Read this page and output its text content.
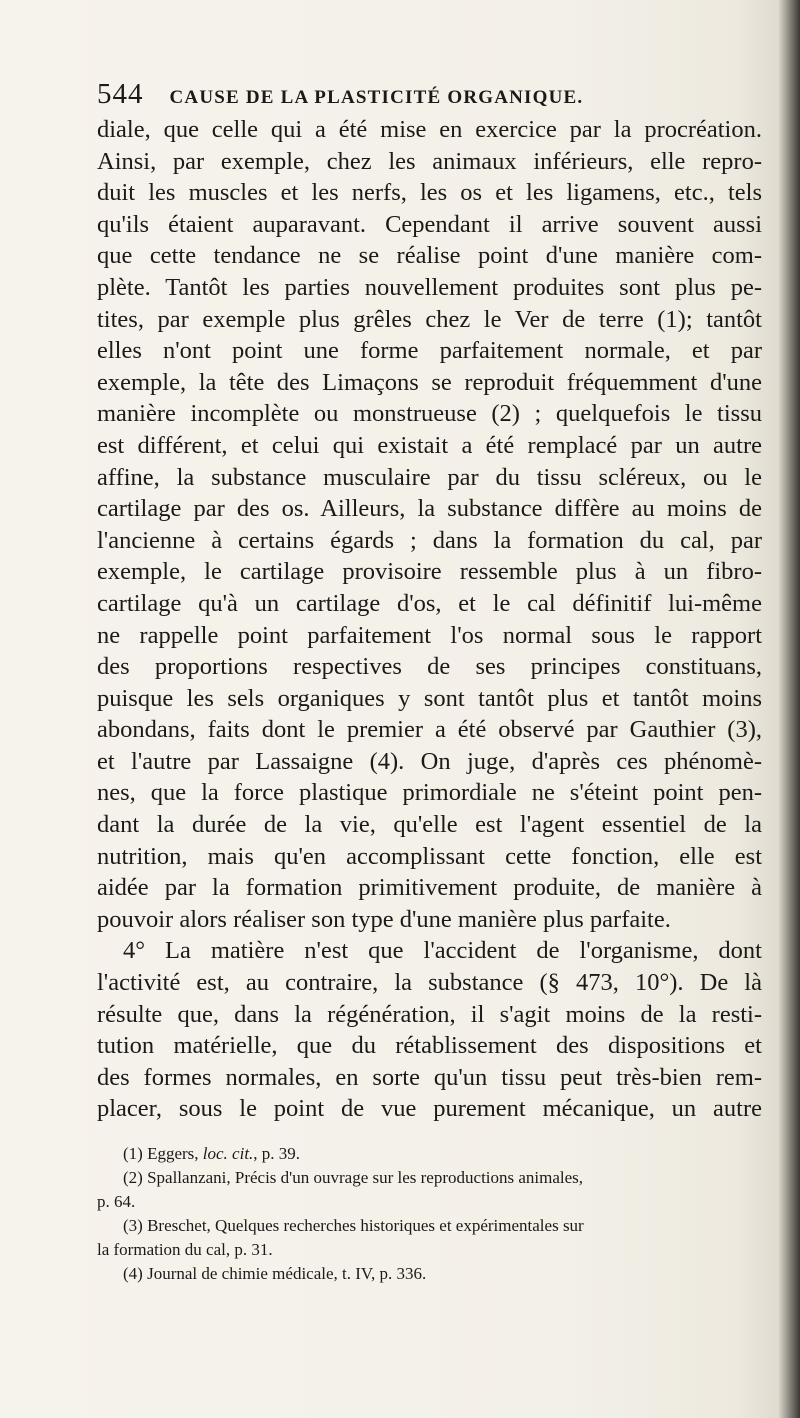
544 CAUSE DE LA PLASTICITÉ ORGANIQUE.
diale, que celle qui a été mise en exercice par la procréation.
Ainsi, par exemple, chez les animaux inférieurs, elle repro-
duit les muscles et les nerfs, les os et les ligamens, etc., tels
qu'ils étaient auparavant. Cependant il arrive souvent aussi
que cette tendance ne se réalise point d'une manière com-
plète. Tantôt les parties nouvellement produites sont plus pe-
tites, par exemple plus grêles chez le Ver de terre (1); tantôt
elles n'ont point une forme parfaitement normale, et par
exemple, la tête des Limaçons se reproduit fréquemment d'une
manière incomplète ou monstrueuse (2) ; quelquefois le tissu
est différent, et celui qui existait a été remplacé par un autre
affine, la substance musculaire par du tissu scléreux, ou le
cartilage par des os. Ailleurs, la substance diffère au moins de
l'ancienne à certains égards ; dans la formation du cal, par
exemple, le cartilage provisoire ressemble plus à un fibro-
cartilage qu'à un cartilage d'os, et le cal définitif lui-même
ne rappelle point parfaitement l'os normal sous le rapport
des proportions respectives de ses principes constituans,
puisque les sels organiques y sont tantôt plus et tantôt moins
abondans, faits dont le premier a été observé par Gauthier (3),
et l'autre par Lassaigne (4). On juge, d'après ces phénomè-
nes, que la force plastique primordiale ne s'éteint point pen-
dant la durée de la vie, qu'elle est l'agent essentiel de la
nutrition, mais qu'en accomplissant cette fonction, elle est
aidée par la formation primitivement produite, de manière à
pouvoir alors réaliser son type d'une manière plus parfaite.
4° La matière n'est que l'accident de l'organisme, dont
l'activité est, au contraire, la substance (§ 473, 10°). De là
résulte que, dans la régénération, il s'agit moins de la resti-
tution matérielle, que du rétablissement des dispositions et
des formes normales, en sorte qu'un tissu peut très-bien rem-
placer, sous le point de vue purement mécanique, un autre
(1) Eggers, loc. cit., p. 39.
(2) Spallanzani, Précis d'un ouvrage sur les reproductions animales,
p. 64.
(3) Breschet, Quelques recherches historiques et expérimentales sur
la formation du cal, p. 31.
(4) Journal de chimie médicale, t. IV, p. 336.
